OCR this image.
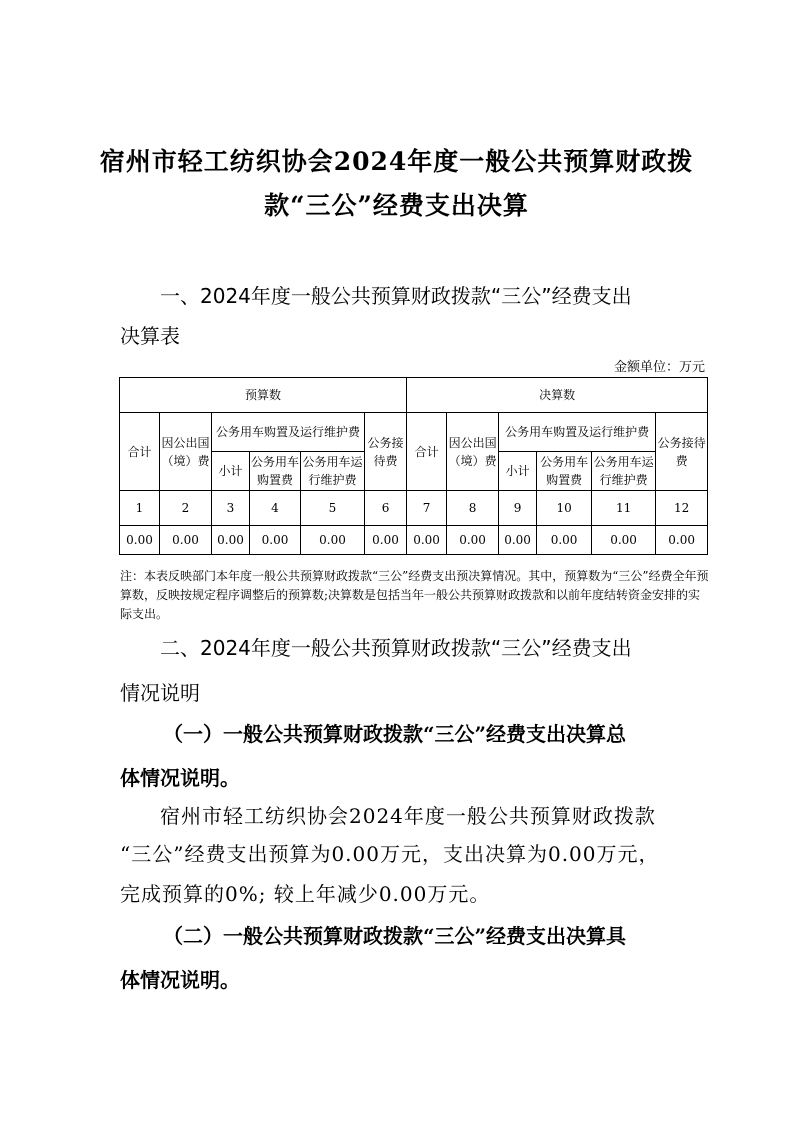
宿州市轻工纺织协会2024年度一般公共预算财政拨
款“三公”经费支出决算
一、2024年度一般公共预算财政拨款“三公”经费支出
决算表
金额单位：万元
预算数						决算数					
合计	因公出国（境）费	公务用车购置及运行维护费			公务接待费	合计	因公出国（境）费	公务用车购置及运行维护费			公务接待费
		小计	公务用车购置费	公务用车运行维护费				小计	公务用车购置费	公务用车运行维护费	
1	2	3	4	5	6	7	8	9	10	11	12
0.00	0.00	0.00	0.00	0.00	0.00	0.00	0.00	0.00	0.00	0.00	0.00
注：本表反映部门本年度一般公共预算财政拨款“三公”经费支出预决算情况。其中，预算数为“三公”经费全年预算数，反映按规定程序调整后的预算数;决算数是包括当年一般公共预算财政拨款和以前年度结转资金安排的实际支出。
二、2024年度一般公共预算财政拨款“三公”经费支出
情况说明
（一）一般公共预算财政拨款“三公”经费支出决算总
体情况说明。
宿州市轻工纺织协会2024年度一般公共预算财政拨款
“三公”经费支出预算为0.00万元，支出决算为0.00万元，
完成预算的0%; 较上年减少0.00万元。
（二）一般公共预算财政拨款“三公”经费支出决算具
体情况说明。
